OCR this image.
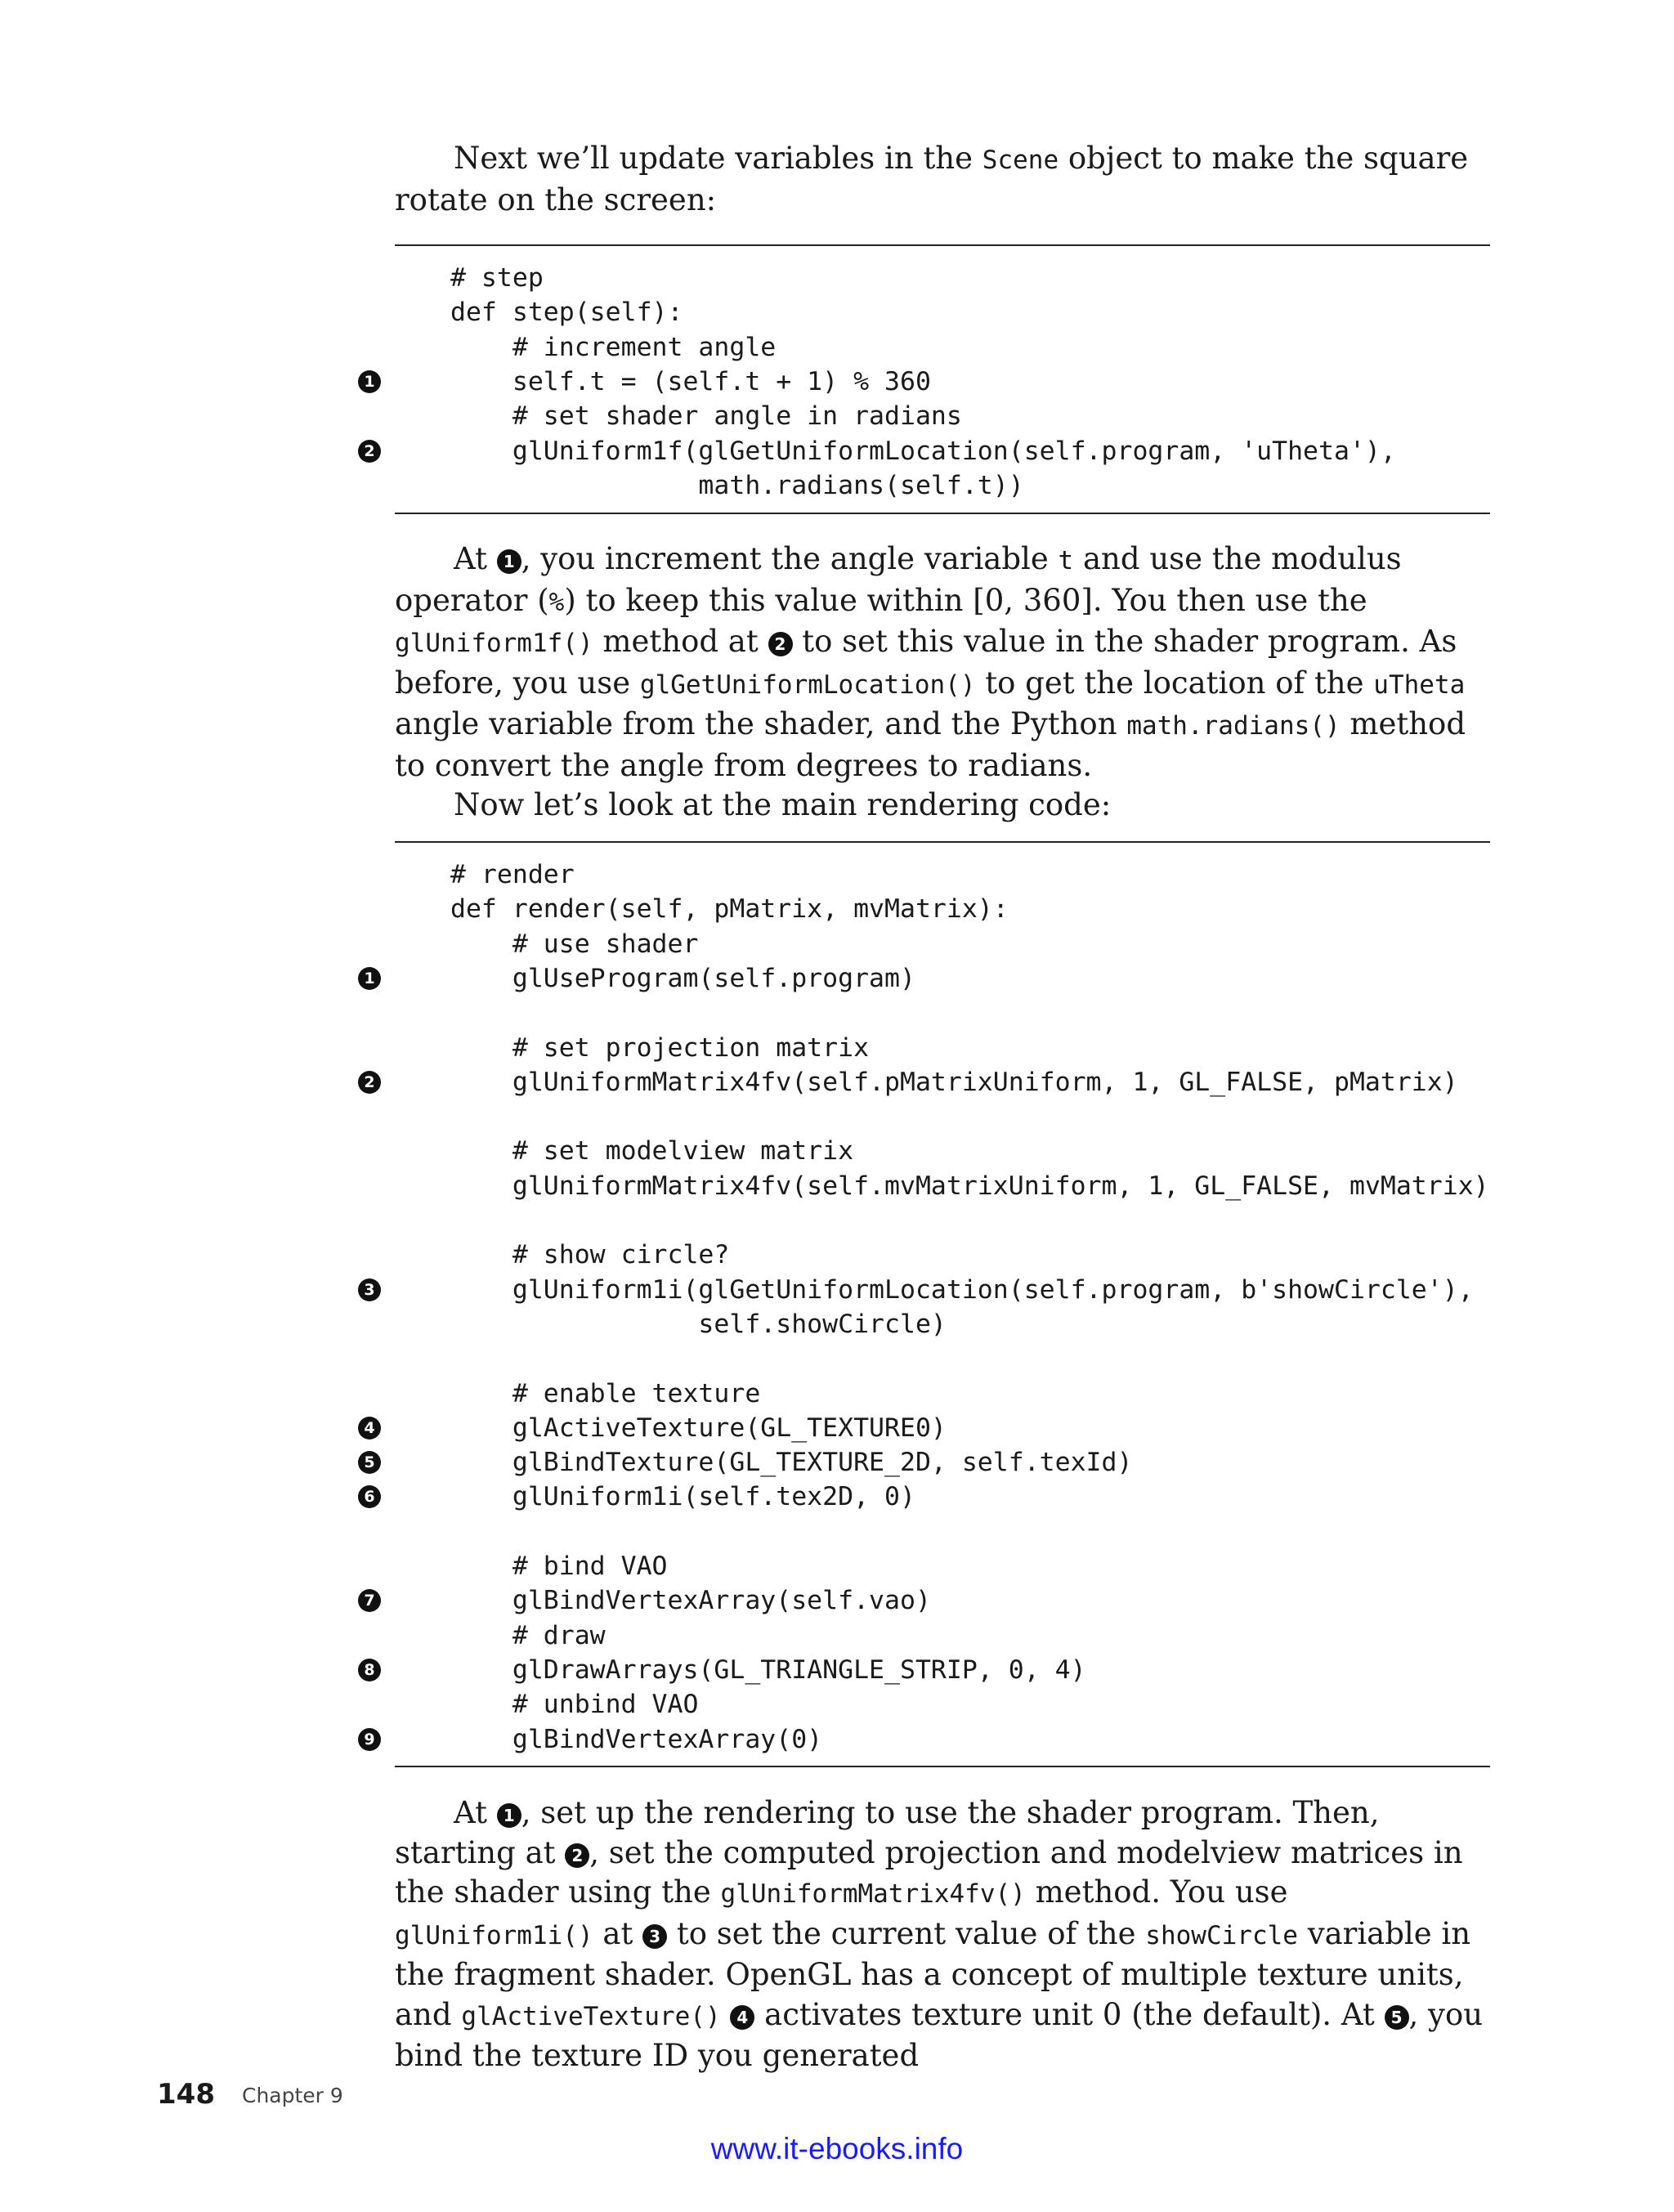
Next we’ll update variables in the Scene object to make the square rotate on the screen:

# step
def step(self):
# increment angle
self.t = (self.t + 1) % 360
1
# set shader angle in radians
glUniform1f(glGetUniformLocation(self.program, 'uTheta'),
2
math.radians(self.t))

At 1 , you increment the angle variable t and use the modulus operator (%) to keep this value within [0, 360]. You then use the glUniform1f() method at 2 to set this value in the shader program. As before, you use glGetUniformLocation() to get the location of the uTheta angle variable from the shader, and the Python math.radians() method to convert the angle from degrees to radians.

Now let’s look at the main rendering code:

# render
def render(self, pMatrix, mvMatrix):
# use shader
glUseProgram(self.program)
1
# set projection matrix
glUniformMatrix4fv(self.pMatrixUniform, 1, GL_FALSE, pMatrix)
2
# set modelview matrix
glUniformMatrix4fv(self.mvMatrixUniform, 1, GL_FALSE, mvMatrix)
# show circle?
glUniform1i(glGetUniformLocation(self.program, b'showCircle'),
3
self.showCircle)
# enable texture
glActiveTexture(GL_TEXTURE0)
4
glBindTexture(GL_TEXTURE_2D, self.texId)
5
glUniform1i(self.tex2D, 0)
6
# bind VAO
glBindVertexArray(self.vao)
7
# draw
glDrawArrays(GL_TRIANGLE_STRIP, 0, 4)
8
# unbind VAO
glBindVertexArray(0)
9

At 1 , set up the rendering to use the shader program. Then, starting at 2 , set the computed projection and modelview matrices in the shader using the glUniformMatrix4fv() method. You use glUniform1i() at 3 to set the current value of the showCircle variable in the fragment shader. OpenGL has a concept of multiple texture units, and glActiveTexture() 4 activates texture unit 0 (the default). At 5 , you bind the texture ID you generated

148 Chapter 9
www.it-ebooks.info
